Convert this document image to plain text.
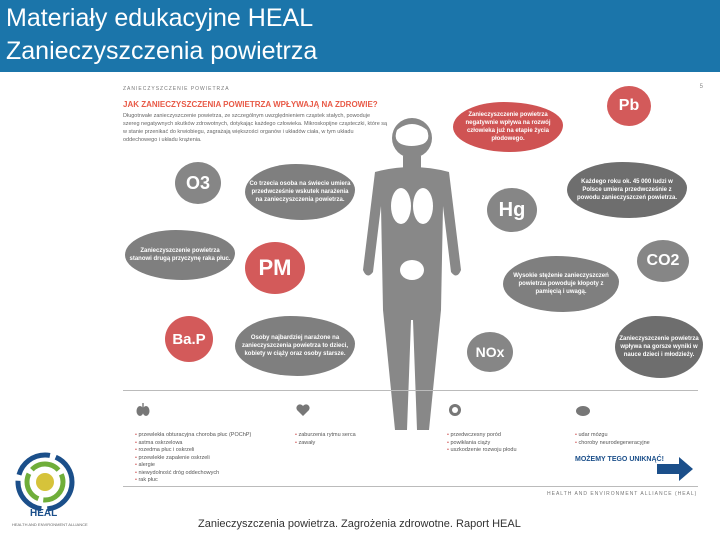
Materiały edukacyjne HEAL
Zanieczyszczenia powietrza
ZANIECZYSZCZENIE POWIETRZA	5
JAK ZANIECZYSZCZENIA POWIETRZA WPŁYWAJĄ NA ZDROWIE?
Długotrwałe zanieczyszczenie powietrza, ze szczególnym uwzględnieniem cząstek stałych, powoduje szereg negatywnych skutków zdrowotnych, dotykając każdego człowieka. Mikroskopijne cząsteczki, które są w stanie przenikać do krwiobiegu, zagrażają większości organów i układów ciała, w tym układu oddechowego i układu krążenia.
Pb
O3
Hg
PM	CO2
Ba.P
NOx
Zanieczyszczenie powietrza negatywnie wpływa na rozwój człowieka już na etapie życia płodowego.
Każdego roku ok. 45 000 ludzi w Polsce umiera przedwcześnie z powodu zanieczyszczeń powietrza.
Co trzecia osoba na świecie umiera przedwcześnie wskutek narażenia na zanieczyszczenia powietrza.
Zanieczyszczenie powietrza stanowi drugą przyczynę raka płuc.
Wysokie stężenie zanieczyszczeń powietrza powoduje kłopoty z pamięcią i uwagą.
Zanieczyszczenie powietrza wpływa na gorsze wyniki w nauce dzieci i młodzieży.
Osoby najbardziej narażone na zanieczyszczenia powietrza to dzieci, kobiety w ciąży oraz osoby starsze.
• przewlekła obturacyjna choroba płuc (POChP)
• astma oskrzelowa
• rozedma płuc i oskrzeli
• przewlekłe zapalenie oskrzeli
• alergie
• niewydolność dróg oddechowych
• rak płuc
• zaburzenia rytmu serca
• zawały
• przedwczesny poród
• powikłania ciąży
• uszkodzenie rozwoju płodu
• udar mózgu
• choroby neurodegeneracyjne
MOŻEMY TEGO UNIKNĄĆ!
HEALTH AND ENVIRONMENT ALLIANCE (HEAL)
HEAL
HEALTH AND ENVIRONMENT ALLIANCE	Zanieczyszczenia powietrza. Zagrożenia zdrowotne. Raport HEAL
